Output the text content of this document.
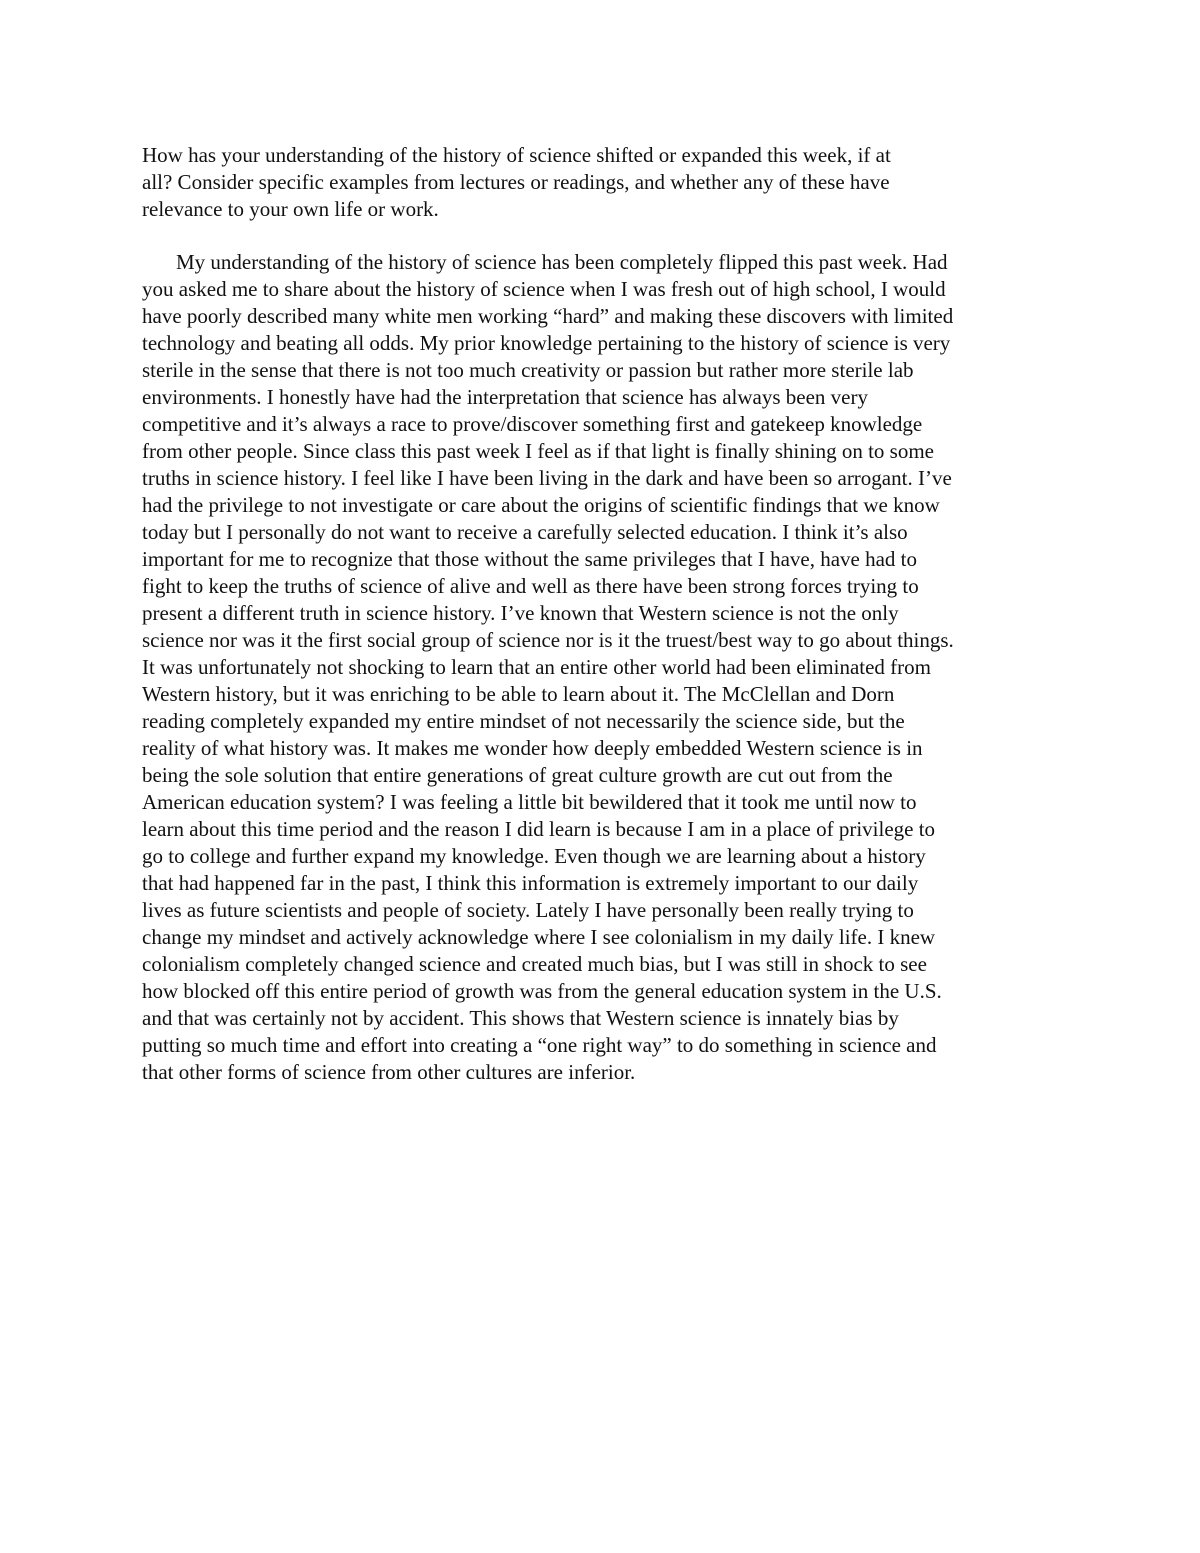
How has your understanding of the history of science shifted or expanded this week, if at
all? Consider specific examples from lectures or readings, and whether any of these have
relevance to your own life or work.
My understanding of the history of science has been completely flipped this past week. Had
you asked me to share about the history of science when I was fresh out of high school, I would
have poorly described many white men working “hard” and making these discovers with limited
technology and beating all odds. My prior knowledge pertaining to the history of science is very
sterile in the sense that there is not too much creativity or passion but rather more sterile lab
environments. I honestly have had the interpretation that science has always been very
competitive and it’s always a race to prove/discover something first and gatekeep knowledge
from other people. Since class this past week I feel as if that light is finally shining on to some
truths in science history. I feel like I have been living in the dark and have been so arrogant. I’ve
had the privilege to not investigate or care about the origins of scientific findings that we know
today but I personally do not want to receive a carefully selected education. I think it’s also
important for me to recognize that those without the same privileges that I have, have had to
fight to keep the truths of science of alive and well as there have been strong forces trying to
present a different truth in science history. I’ve known that Western science is not the only
science nor was it the first social group of science nor is it the truest/best way to go about things.
It was unfortunately not shocking to learn that an entire other world had been eliminated from
Western history, but it was enriching to be able to learn about it. The McClellan and Dorn
reading completely expanded my entire mindset of not necessarily the science side, but the
reality of what history was. It makes me wonder how deeply embedded Western science is in
being the sole solution that entire generations of great culture growth are cut out from the
American education system? I was feeling a little bit bewildered that it took me until now to
learn about this time period and the reason I did learn is because I am in a place of privilege to
go to college and further expand my knowledge. Even though we are learning about a history
that had happened far in the past, I think this information is extremely important to our daily
lives as future scientists and people of society. Lately I have personally been really trying to
change my mindset and actively acknowledge where I see colonialism in my daily life. I knew
colonialism completely changed science and created much bias, but I was still in shock to see
how blocked off this entire period of growth was from the general education system in the U.S.
and that was certainly not by accident. This shows that Western science is innately bias by
putting so much time and effort into creating a “one right way” to do something in science and
that other forms of science from other cultures are inferior.
